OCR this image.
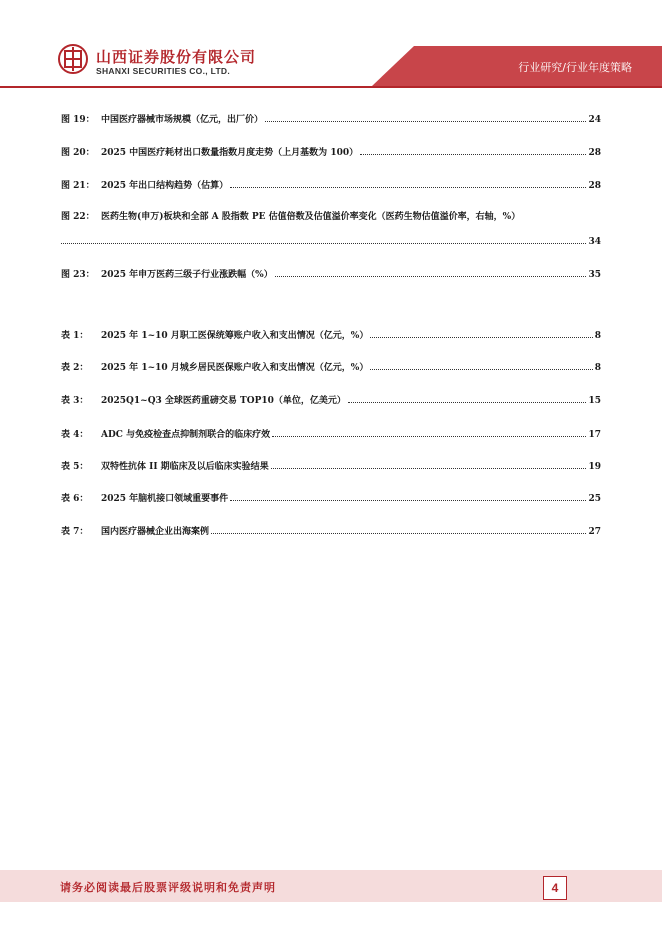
山西证券股份有限公司
SHANXI SECURITIES CO., LTD.	行业研究/行业年度策略
图 19： 中国医疗器械市场规模（亿元，出厂价）	24
图 20： 2025 中国医疗耗材出口数量指数月度走势（上月基数为 100）	28
图 21： 2025 年出口结构趋势（估算）	28
图 22： 医药生物(申万)板块和全部 A 股指数 PE 估值倍数及估值溢价率变化（医药生物估值溢价率，右轴，%）
34
图 23： 2025 年申万医药三级子行业涨跌幅（%）	35
表 1：	2025 年 1~10 月职工医保统筹账户收入和支出情况（亿元，%）	8
表 2：	2025 年 1~10 月城乡居民医保账户收入和支出情况（亿元，%）	8
表 3：	2025Q1~Q3 全球医药重磅交易 TOP10（单位，亿美元）	15
表 4：	ADC 与免疫检查点抑制剂联合的临床疗效	17
表 5：	双特性抗体 II 期临床及以后临床实验结果	19
表 6：	2025 年脑机接口领域重要事件	25
表 7：	国内医疗器械企业出海案例	27
请务必阅读最后股票评级说明和免责声明	4
